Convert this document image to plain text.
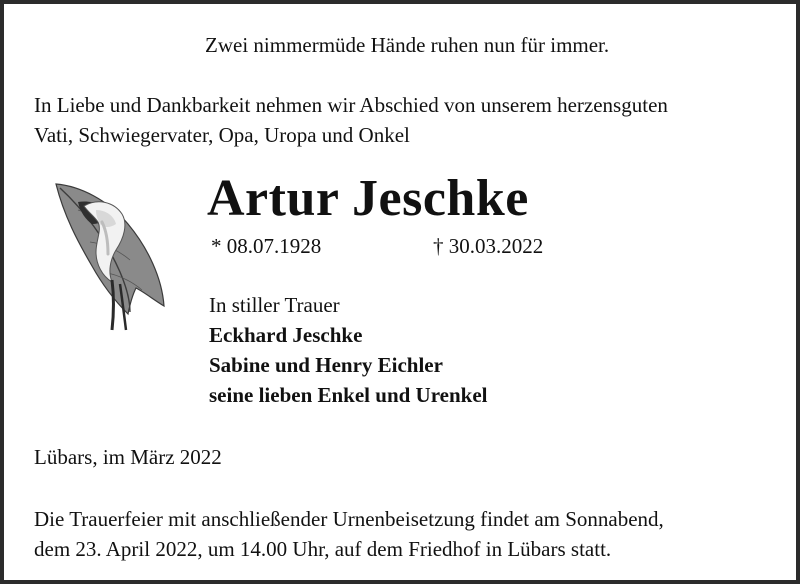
Zwei nimmermüde Hände ruhen nun für immer.
In Liebe und Dankbarkeit nehmen wir Abschied von unserem herzensguten
Vati, Schwiegervater, Opa, Uropa und Onkel
Artur Jeschke
* 08.07.1928	† 30.03.2022
In stiller Trauer
Eckhard Jeschke
Sabine und Henry Eichler
seine lieben Enkel und Urenkel
Lübars, im März 2022
Die Trauerfeier mit anschließender Urnenbeisetzung findet am Sonnabend,
dem 23. April 2022, um 14.00 Uhr, auf dem Friedhof in Lübars statt.
